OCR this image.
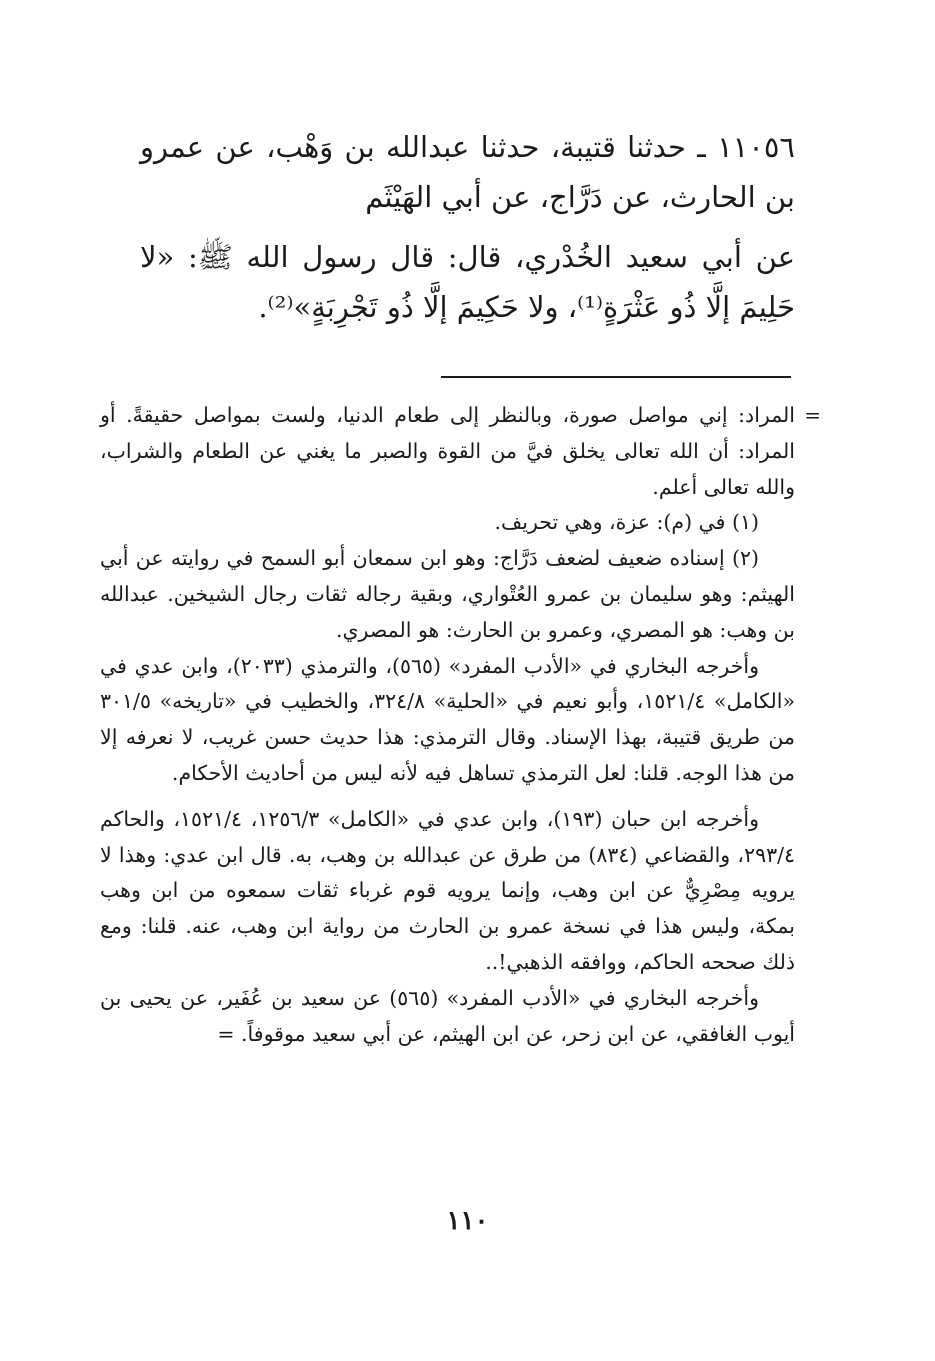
١١٠٥٦ ـ حدثنا قتيبة، حدثنا عبدالله بن وَهْب، عن عمرو بن الحارث، عن دَرَّاج، عن أبي الهَيْثَم

عن أبي سعيد الخُدْري، قال: قال رسول الله ﷺ: «لا حَلِيمَ إلَّا ذُو عَثْرَةٍ⁽¹⁾، ولا حَكِيمَ إلَّا ذُو تَجْرِبَةٍ»⁽²⁾.

=

المراد: إني مواصل صورة، وبالنظر إلى طعام الدنيا، ولست بمواصل حقيقةً. أو المراد: أن الله تعالى يخلق فيَّ من القوة والصبر ما يغني عن الطعام والشراب، والله تعالى أعلم.

(١) في (م): عزة، وهي تحريف.

(٢) إسناده ضعيف لضعف دَرَّاج: وهو ابن سمعان أبو السمح في روايته عن أبي الهيثم: وهو سليمان بن عمرو العُتْواري، وبقية رجاله ثقات رجال الشيخين. عبدالله بن وهب: هو المصري، وعمرو بن الحارث: هو المصري.

وأخرجه البخاري في «الأدب المفرد» (٥٦٥)، والترمذي (٢٠٣٣)، وابن عدي في «الكامل» ١٥٢١/٤، وأبو نعيم في «الحلية» ٣٢٤/٨، والخطيب في «تاريخه» ٣٠١/٥ من طريق قتيبة، بهذا الإسناد. وقال الترمذي: هذا حديث حسن غريب، لا نعرفه إلا من هذا الوجه. قلنا: لعل الترمذي تساهل فيه لأنه ليس من أحاديث الأحكام.

وأخرجه ابن حبان (١٩٣)، وابن عدي في «الكامل» ١٢٥٦/٣، ١٥٢١/٤، والحاكم ٢٩٣/٤، والقضاعي (٨٣٤) من طرق عن عبدالله بن وهب، به. قال ابن عدي: وهذا لا يرويه مِصْرِيٌّ عن ابن وهب، وإنما يرويه قوم غرباء ثقات سمعوه من ابن وهب بمكة، وليس هذا في نسخة عمرو بن الحارث من رواية ابن وهب، عنه. قلنا: ومع ذلك صححه الحاكم، ووافقه الذهبي!..

وأخرجه البخاري في «الأدب المفرد» (٥٦٥) عن سعيد بن عُفَير، عن يحيى بن أيوب الغافقي، عن ابن زحر، عن ابن الهيثم، عن أبي سعيد موقوفاً. =

١١٠
